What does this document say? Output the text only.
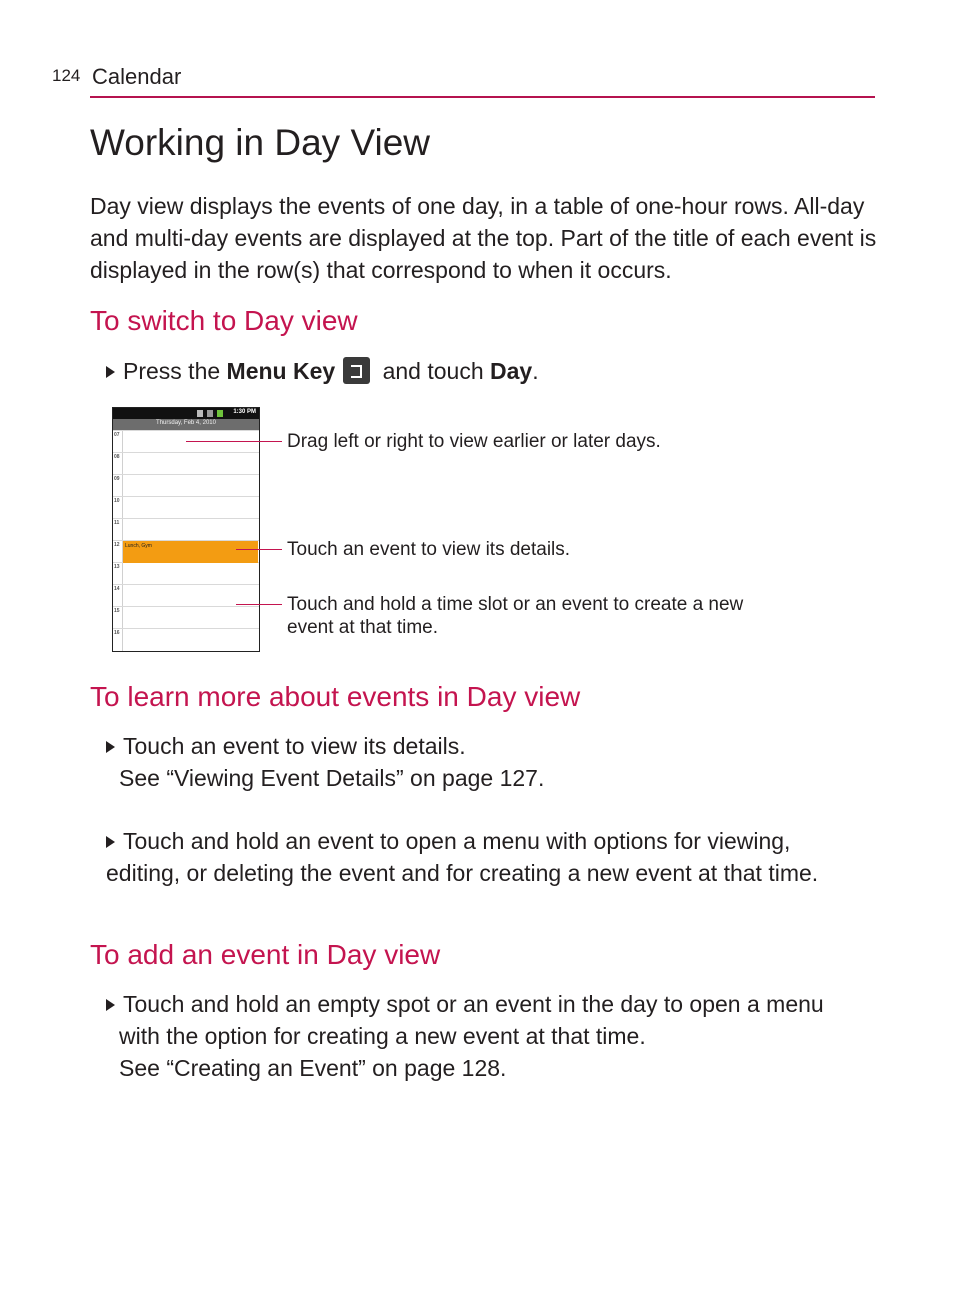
124 Calendar
Working in Day View

Day view displays the events of one day, in a table of one-hour rows. All-day and multi-day events are displayed at the top. Part of the title of each event is displayed in the row(s) that correspond to when it occurs.

To switch to Day view

Press the Menu Key and touch Day.

1:30 PM
Thursday, Feb 4, 2010
07
08
09
10
11
12
13
14
15
16
Lunch, Gym

Drag left or right to view earlier or later days.

Touch an event to view its details.

Touch and hold a time slot or an event to create a new event at that time.

To learn more about events in Day view

Touch an event to view its details.
See “Viewing Event Details” on page 127.

Touch and hold an event to open a menu with options for viewing, editing, or deleting the event and for creating a new event at that time.

To add an event in Day view

Touch and hold an empty spot or an event in the day to open a menu
with the option for creating a new event at that time.
See “Creating an Event” on page 128.
